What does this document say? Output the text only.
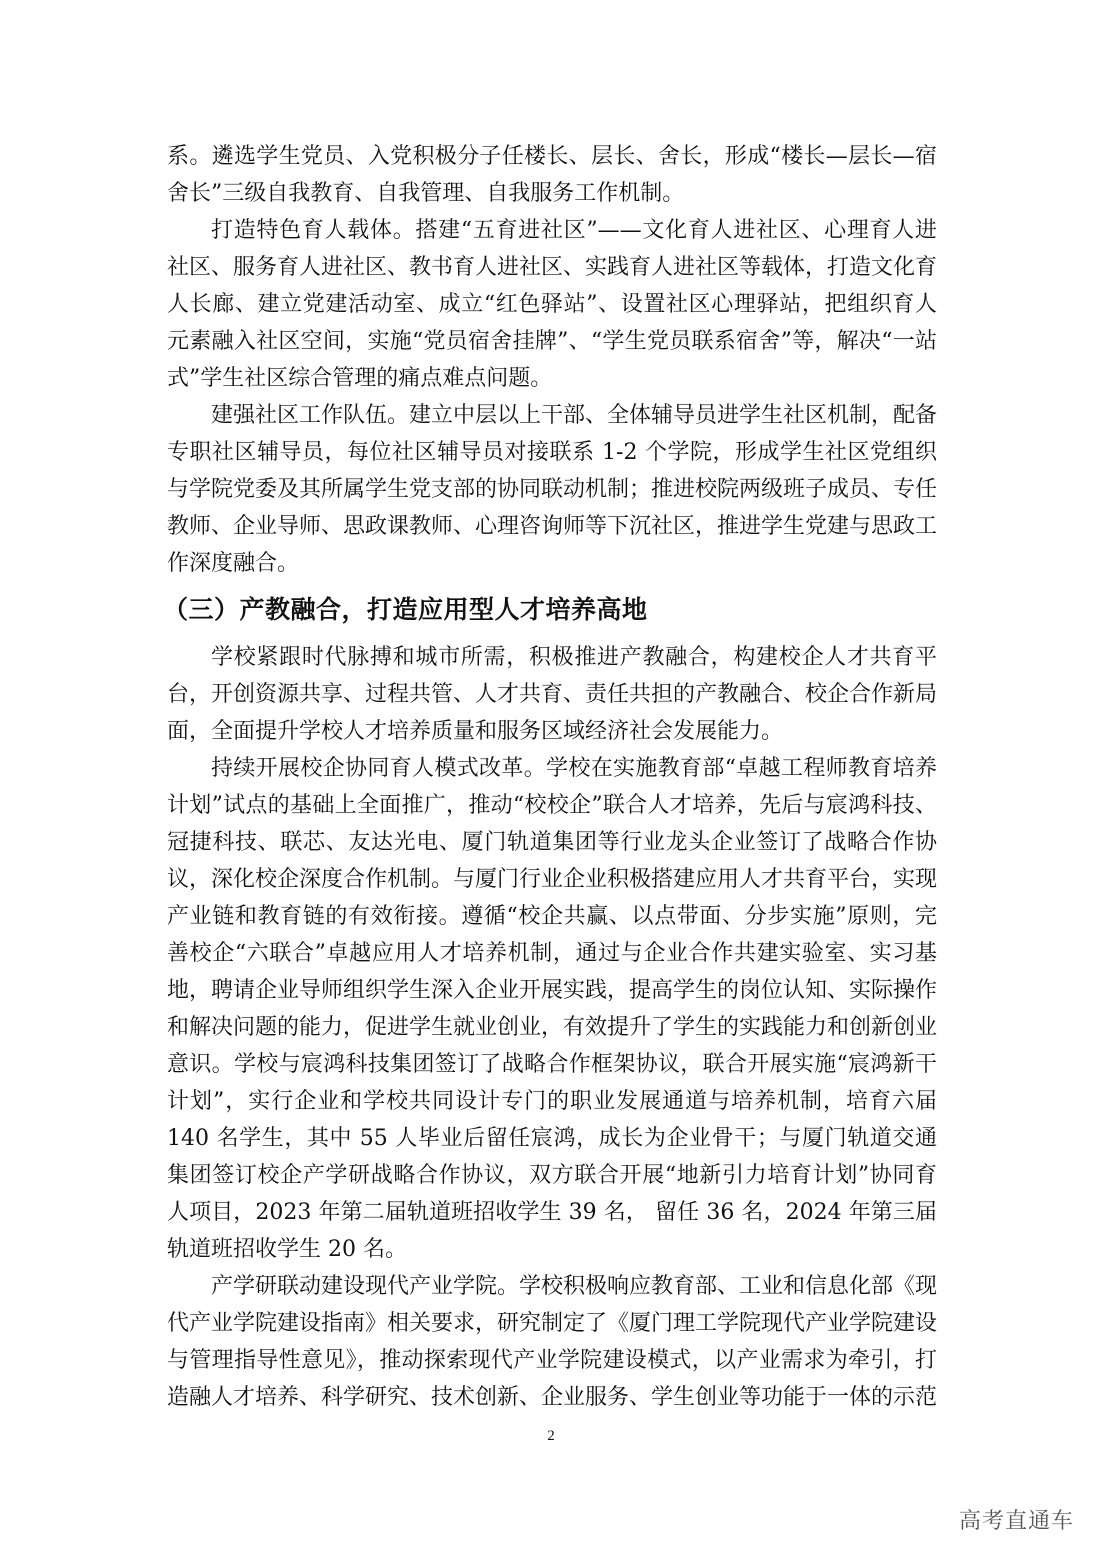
系。遴选学生党员、入党积极分子任楼长、层长、舍长，形成“楼长—层长—宿舍长”三级自我教育、自我管理、自我服务工作机制。

打造特色育人载体。搭建“五育进社区”——文化育人进社区、心理育人进社区、服务育人进社区、教书育人进社区、实践育人进社区等载体，打造文化育人长廊、建立党建活动室、成立“红色驿站”、设置社区心理驿站，把组织育人元素融入社区空间，实施“党员宿舍挂牌”、“学生党员联系宿舍”等，解决“一站式”学生社区综合管理的痛点难点问题。

建强社区工作队伍。建立中层以上干部、全体辅导员进学生社区机制，配备专职社区辅导员，每位社区辅导员对接联系 1-2 个学院，形成学生社区党组织与学院党委及其所属学生党支部的协同联动机制；推进校院两级班子成员、专任教师、企业导师、思政课教师、心理咨询师等下沉社区，推进学生党建与思政工作深度融合。

（三）产教融合，打造应用型人才培养高地

学校紧跟时代脉搏和城市所需，积极推进产教融合，构建校企人才共育平台，开创资源共享、过程共管、人才共育、责任共担的产教融合、校企合作新局面，全面提升学校人才培养质量和服务区域经济社会发展能力。

持续开展校企协同育人模式改革。学校在实施教育部“卓越工程师教育培养计划”试点的基础上全面推广，推动“校校企”联合人才培养，先后与宸鸿科技、冠捷科技、联芯、友达光电、厦门轨道集团等行业龙头企业签订了战略合作协议，深化校企深度合作机制。与厦门行业企业积极搭建应用人才共育平台，实现产业链和教育链的有效衔接。遵循“校企共赢、以点带面、分步实施”原则，完善校企“六联合”卓越应用人才培养机制，通过与企业合作共建实验室、实习基地，聘请企业导师组织学生深入企业开展实践，提高学生的岗位认知、实际操作和解决问题的能力，促进学生就业创业，有效提升了学生的实践能力和创新创业意识。学校与宸鸿科技集团签订了战略合作框架协议，联合开展实施“宸鸿新干计划”，实行企业和学校共同设计专门的职业发展通道与培养机制，培育六届 140 名学生，其中 55 人毕业后留任宸鸿，成长为企业骨干；与厦门轨道交通集团签订校企产学研战略合作协议，双方联合开展“地新引力培育计划”协同育人项目，2023 年第二届轨道班招收学生 39 名， 留任 36 名，2024 年第三届轨道班招收学生 20 名。

产学研联动建设现代产业学院。学校积极响应教育部、工业和信息化部《现代产业学院建设指南》相关要求，研究制定了《厦门理工学院现代产业学院建设与管理指导性意见》，推动探索现代产业学院建设模式，以产业需求为牵引，打造融人才培养、科学研究、技术创新、企业服务、学生创业等功能于一体的示范

2
高考直通车
